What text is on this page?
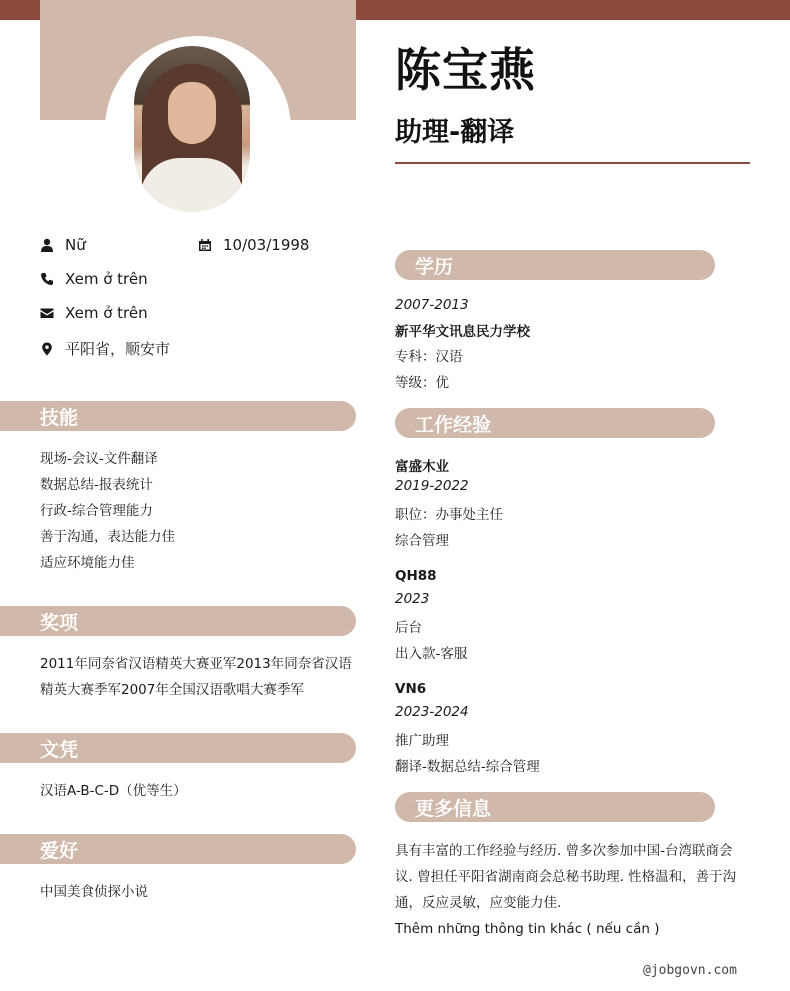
陈宝燕
助理-翻译
Nữ	10/03/1998
Xem ở trên
Xem ở trên
平阳省，顺安市
技能
现场-会议-文件翻译
数据总结-报表统计
行政-综合管理能力
善于沟通，表达能力佳
适应环境能力佳
奖项
2011年同奈省汉语精英大赛亚军2013年同奈省汉语
精英大赛季军2007年全国汉语歌唱大赛季军
文凭
汉语A-B-C-D（优等生）
爱好
中国美食侦探小说
学历
2007-2013
新平华文讯息民力学校
专科：汉语
等级：优
工作经验
富盛木业
2019-2022
职位：办事处主任
综合管理
QH88
2023
后台
出入款-客服
VN6
2023-2024
推广助理
翻译-数据总结-综合管理
更多信息
具有丰富的工作经验与经历. 曾多次参加中国-台湾联商会
议. 曾担任平阳省湖南商会总秘书助理. 性格温和，善于沟
通，反应灵敏，应变能力佳.
Thêm những thông tin khác ( nếu cần )
@jobgovn.com
